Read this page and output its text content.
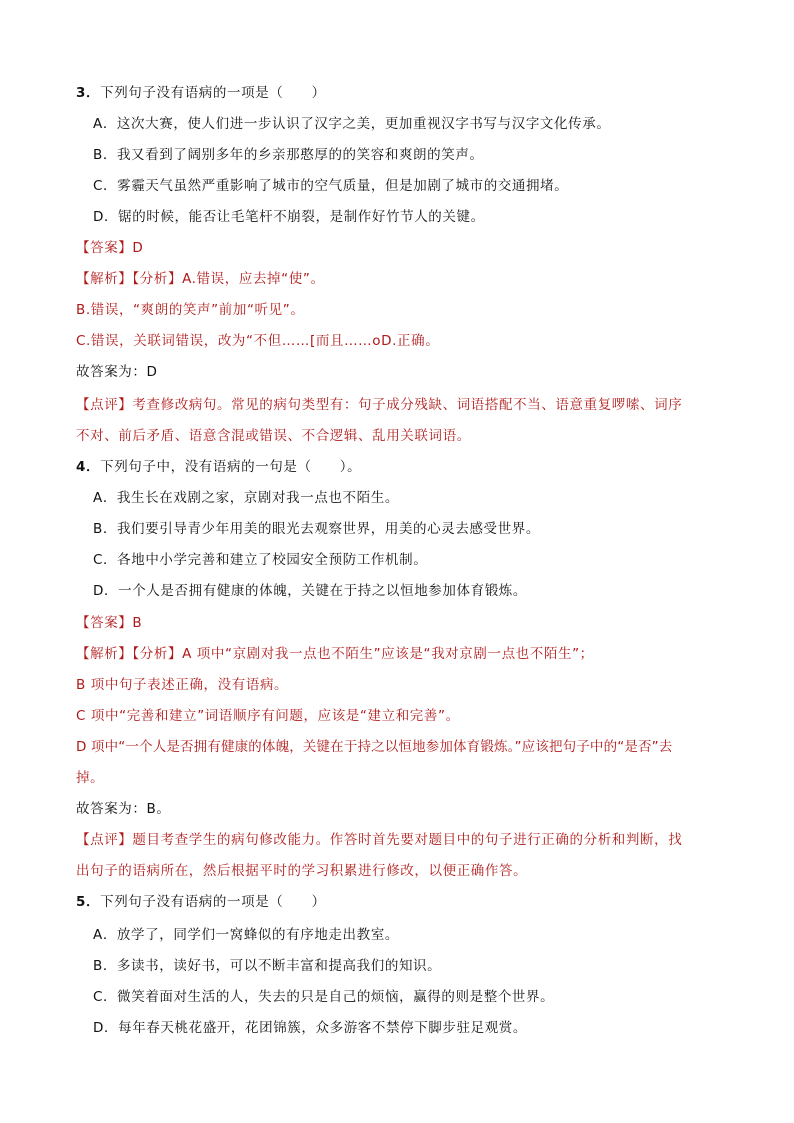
3．下列句子没有语病的一项是（　　）
A．这次大赛，使人们进一步认识了汉字之美，更加重视汉字书写与汉字文化传承。
B．我又看到了阔别多年的乡亲那憨厚的的笑容和爽朗的笑声。
C．雾霾天气虽然严重影响了城市的空气质量，但是加剧了城市的交通拥堵。
D．锯的时候，能否让毛笔杆不崩裂，是制作好竹节人的关键。
【答案】D
【解析】【分析】A.错误，应去掉“使”。
B.错误，“爽朗的笑声”前加“听见”。
C.错误，关联词错误，改为“不但……[而且……oD.正确。
故答案为：D
【点评】考查修改病句。常见的病句类型有：句子成分残缺、词语搭配不当、语意重复啰嗦、词序
不对、前后矛盾、语意含混或错误、不合逻辑、乱用关联词语。
4．下列句子中，没有语病的一句是（　　）。
A．我生长在戏剧之家，京剧对我一点也不陌生。
B．我们要引导青少年用美的眼光去观察世界，用美的心灵去感受世界。
C．各地中小学完善和建立了校园安全预防工作机制。
D．一个人是否拥有健康的体魄，关键在于持之以恒地参加体育锻炼。
【答案】B
【解析】【分析】A 项中“京剧对我一点也不陌生”应该是“我对京剧一点也不陌生”；
B 项中句子表述正确，没有语病。
C 项中“完善和建立”词语顺序有问题，应该是“建立和完善”。
D 项中“一个人是否拥有健康的体魄，关键在于持之以恒地参加体育锻炼。”应该把句子中的“是否”去
掉。
故答案为：B。
【点评】题目考查学生的病句修改能力。作答时首先要对题目中的句子进行正确的分析和判断，找
出句子的语病所在，然后根据平时的学习积累进行修改，以便正确作答。
5．下列句子没有语病的一项是（　　）
A．放学了，同学们一窝蜂似的有序地走出教室。
B．多读书，读好书，可以不断丰富和提高我们的知识。
C．微笑着面对生活的人，失去的只是自己的烦恼，赢得的则是整个世界。
D．每年春天桃花盛开，花团锦簇，众多游客不禁停下脚步驻足观赏。
